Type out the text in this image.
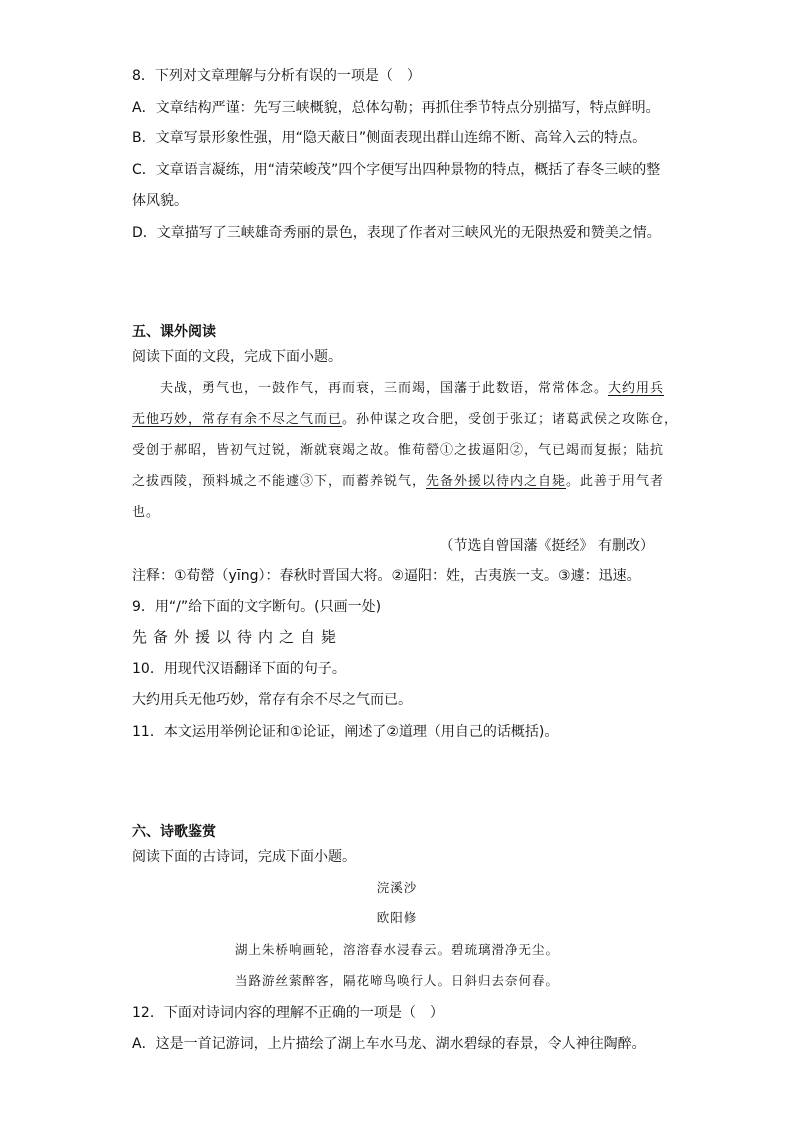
8．下列对文章理解与分析有误的一项是（　）
A．文章结构严谨：先写三峡概貌，总体勾勒；再抓住季节特点分别描写，特点鲜明。
B．文章写景形象性强，用“隐天蔽日”侧面表现出群山连绵不断、高耸入云的特点。
C．文章语言凝练，用“清荣峻茂”四个字便写出四种景物的特点，概括了春冬三峡的整
体风貌。
D．文章描写了三峡雄奇秀丽的景色，表现了作者对三峡风光的无限热爱和赞美之情。
五、课外阅读
阅读下面的文段，完成下面小题。
夫战，勇气也，一鼓作气，再而衰，三而竭，国藩于此数语，常常体念。大约用兵
无他巧妙，常存有余不尽之气而已。孙仲谋之攻合肥，受创于张辽；诸葛武侯之攻陈仓，
受创于郝昭，皆初气过锐，渐就衰竭之故。惟荀罃①之拔逼阳②，气已竭而复振；陆抗
之拔西陵，预料城之不能遽③下，而蓄养锐气，先备外援以待内之自毙。此善于用气者
也。
（节选自曾国藩《挺经》 有删改）
注释：①荀罃（yīng）：春秋时晋国大将。②逼阳：姓，古夷族一支。③遽：迅速。
9．用“/”给下面的文字断句。(只画一处)
先备外援以待内之自毙
10．用现代汉语翻译下面的句子。
大约用兵无他巧妙，常存有余不尽之气而已。
11．本文运用举例论证和①论证，阐述了②道理（用自己的话概括)。
六、诗歌鉴赏
阅读下面的古诗词，完成下面小题。
浣溪沙
欧阳修
湖上朱桥响画轮，溶溶春水浸春云。碧琉璃滑净无尘。
当路游丝萦醉客，隔花啼鸟唤行人。日斜归去奈何春。
12．下面对诗词内容的理解不正确的一项是（　）
A．这是一首记游词，上片描绘了湖上车水马龙、湖水碧绿的春景，令人神往陶醉。
